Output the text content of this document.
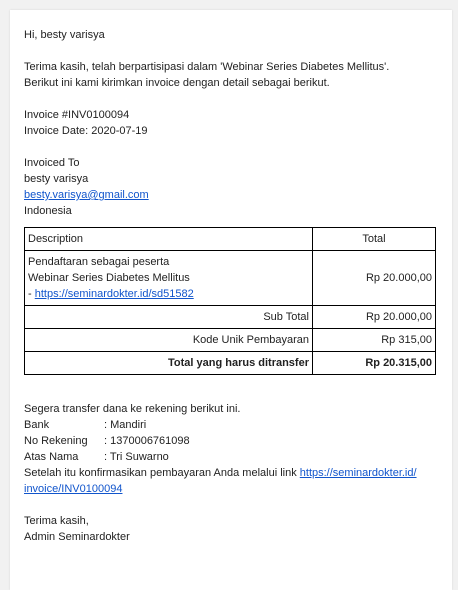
Hi, besty varisya

Terima kasih, telah berpartisipasi dalam 'Webinar Series Diabetes Mellitus'.

Berikut ini kami kirimkan invoice dengan detail sebagai berikut.

Invoice #INV0100094

Invoice Date: 2020-07-19

Invoiced To

besty varisya

besty.varisya@gmail.com

Indonesia

Description	Total

Pendaftaran sebagai peserta
Webinar Series Diabetes Mellitus
- https://seminardokter.id/sd51582	Rp 20.000,00
Sub Total	Rp 20.000,00
Kode Unik Pembayaran	Rp 315,00
Total yang harus ditransfer	Rp 20.315,00

Segera transfer dana ke rekening berikut ini.

Bank	: Mandiri
No Rekening	: 1370006761098
Atas Nama	: Tri Suwarno

Setelah itu konfirmasikan pembayaran Anda melalui link https://seminardokter.id/
invoice/INV0100094

Terima kasih,

Admin Seminardokter
